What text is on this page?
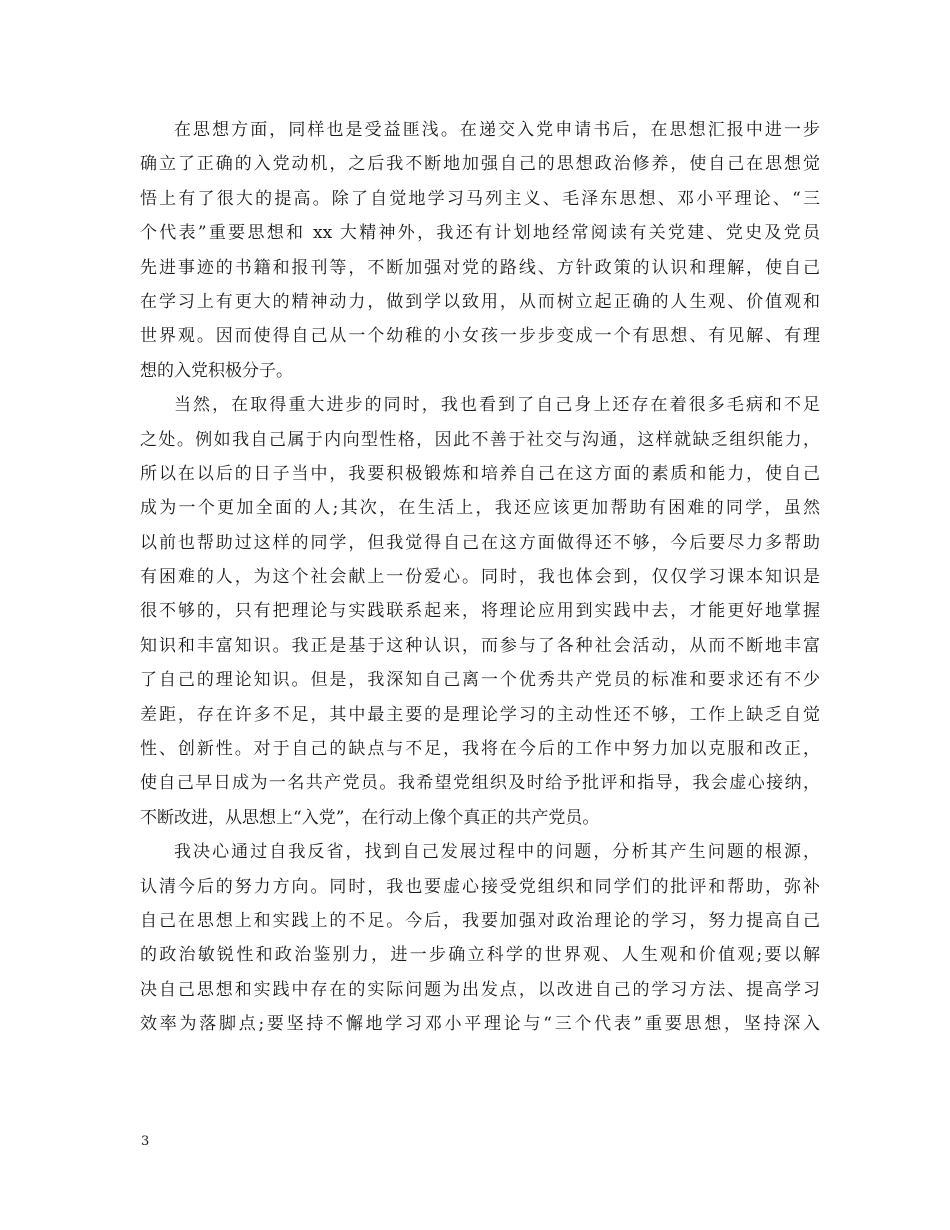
在思想方面，同样也是受益匪浅。在递交入党申请书后，在思想汇报中进一步
确立了正确的入党动机，之后我不断地加强自己的思想政治修养，使自己在思想觉
悟上有了很大的提高。除了自觉地学习马列主义、毛泽东思想、邓小平理论、“三
个代表”重要思想和 xx 大精神外，我还有计划地经常阅读有关党建、党史及党员
先进事迹的书籍和报刊等，不断加强对党的路线、方针政策的认识和理解，使自己
在学习上有更大的精神动力，做到学以致用，从而树立起正确的人生观、价值观和
世界观。因而使得自己从一个幼稚的小女孩一步步变成一个有思想、有见解、有理
想的入党积极分子。
当然，在取得重大进步的同时，我也看到了自己身上还存在着很多毛病和不足
之处。例如我自己属于内向型性格，因此不善于社交与沟通，这样就缺乏组织能力，
所以在以后的日子当中，我要积极锻炼和培养自己在这方面的素质和能力，使自己
成为一个更加全面的人;其次，在生活上，我还应该更加帮助有困难的同学，虽然
以前也帮助过这样的同学，但我觉得自己在这方面做得还不够，今后要尽力多帮助
有困难的人，为这个社会献上一份爱心。同时，我也体会到，仅仅学习课本知识是
很不够的，只有把理论与实践联系起来，将理论应用到实践中去，才能更好地掌握
知识和丰富知识。我正是基于这种认识，而参与了各种社会活动，从而不断地丰富
了自己的理论知识。但是，我深知自己离一个优秀共产党员的标准和要求还有不少
差距，存在许多不足，其中最主要的是理论学习的主动性还不够，工作上缺乏自觉
性、创新性。对于自己的缺点与不足，我将在今后的工作中努力加以克服和改正，
使自己早日成为一名共产党员。我希望党组织及时给予批评和指导，我会虚心接纳，
不断改进，从思想上“入党”，在行动上像个真正的共产党员。
我决心通过自我反省，找到自己发展过程中的问题，分析其产生问题的根源，
认清今后的努力方向。同时，我也要虚心接受党组织和同学们的批评和帮助，弥补
自己在思想上和实践上的不足。今后，我要加强对政治理论的学习，努力提高自己
的政治敏锐性和政治鉴别力，进一步确立科学的世界观、人生观和价值观;要以解
决自己思想和实践中存在的实际问题为出发点，以改进自己的学习方法、提高学习
效率为落脚点;要坚持不懈地学习邓小平理论与“三个代表”重要思想，坚持深入
3
